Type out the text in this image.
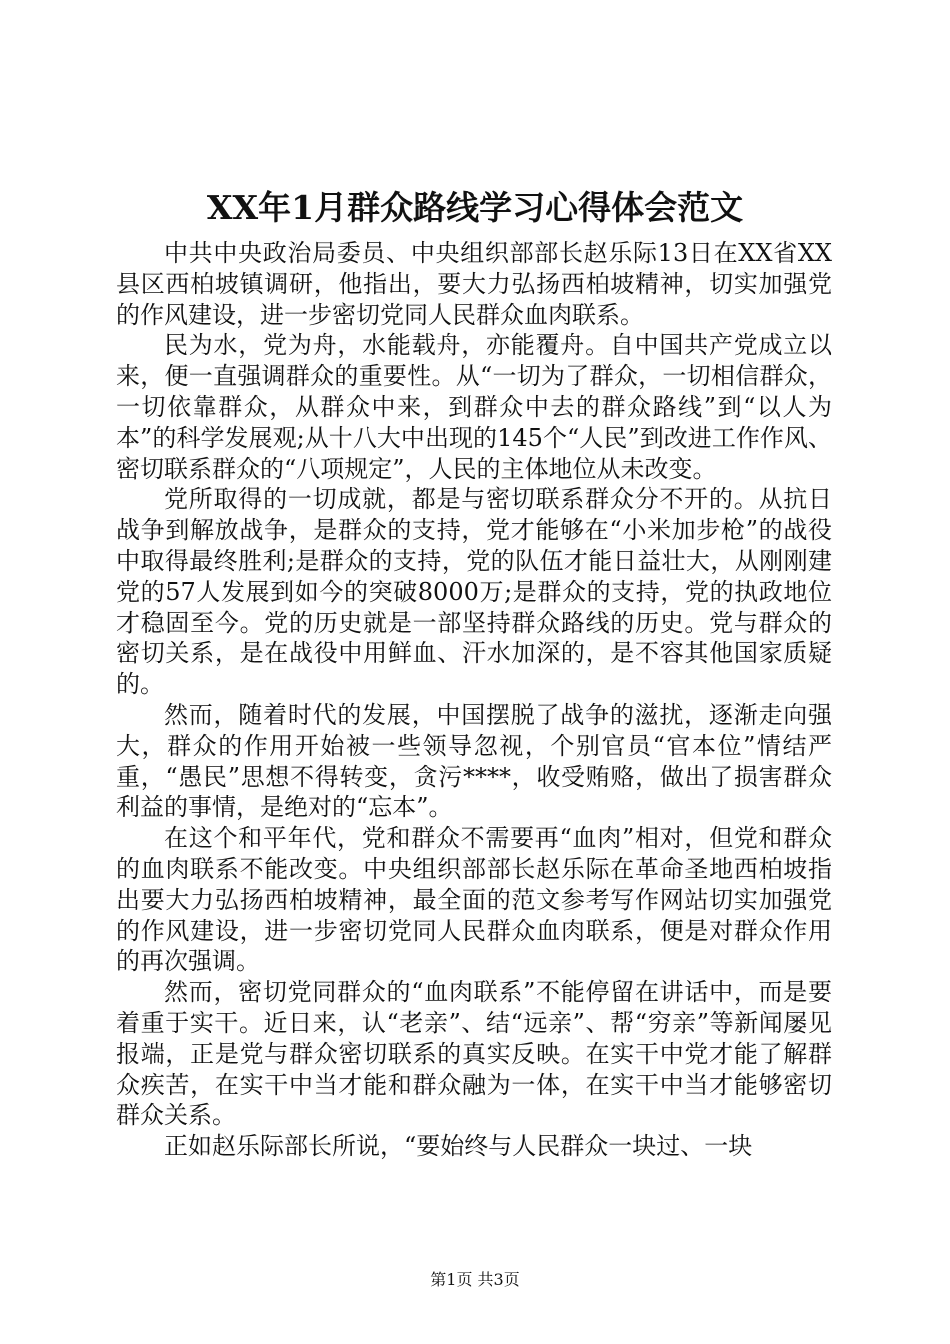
XX年1月群众路线学习心得体会范文

中共中央政治局委员、中央组织部部长赵乐际13日在XX省XX县区西柏坡镇调研，他指出，要大力弘扬西柏坡精神，切实加强党的作风建设，进一步密切党同人民群众血肉联系。

民为水，党为舟，水能载舟，亦能覆舟。自中国共产党成立以来，便一直强调群众的重要性。从“一切为了群众，一切相信群众，一切依靠群众，从群众中来，到群众中去的群众路线”到“以人为本”的科学发展观;从十八大中出现的145个“人民”到改进工作作风、密切联系群众的“八项规定”，人民的主体地位从未改变。

党所取得的一切成就，都是与密切联系群众分不开的。从抗日战争到解放战争，是群众的支持，党才能够在“小米加步枪”的战役中取得最终胜利;是群众的支持，党的队伍才能日益壮大，从刚刚建党的57人发展到如今的突破8000万;是群众的支持，党的执政地位才稳固至今。党的历史就是一部坚持群众路线的历史。党与群众的密切关系，是在战役中用鲜血、汗水加深的，是不容其他国家质疑的。

然而，随着时代的发展，中国摆脱了战争的滋扰，逐渐走向强大，群众的作用开始被一些领导忽视，个别官员“官本位”情结严重，“愚民”思想不得转变，贪污****，收受贿赂，做出了损害群众利益的事情，是绝对的“忘本”。

在这个和平年代，党和群众不需要再“血肉”相对，但党和群众的血肉联系不能改变。中央组织部部长赵乐际在革命圣地西柏坡指出要大力弘扬西柏坡精神，最全面的范文参考写作网站切实加强党的作风建设，进一步密切党同人民群众血肉联系，便是对群众作用的再次强调。

然而，密切党同群众的“血肉联系”不能停留在讲话中，而是要着重于实干。近日来，认“老亲”、结“远亲”、帮“穷亲”等新闻屡见报端，正是党与群众密切联系的真实反映。在实干中党才能了解群众疾苦，在实干中当才能和群众融为一体，在实干中当才能够密切群众关系。

正如赵乐际部长所说，“要始终与人民群众一块过、一块

第1页 共3页
